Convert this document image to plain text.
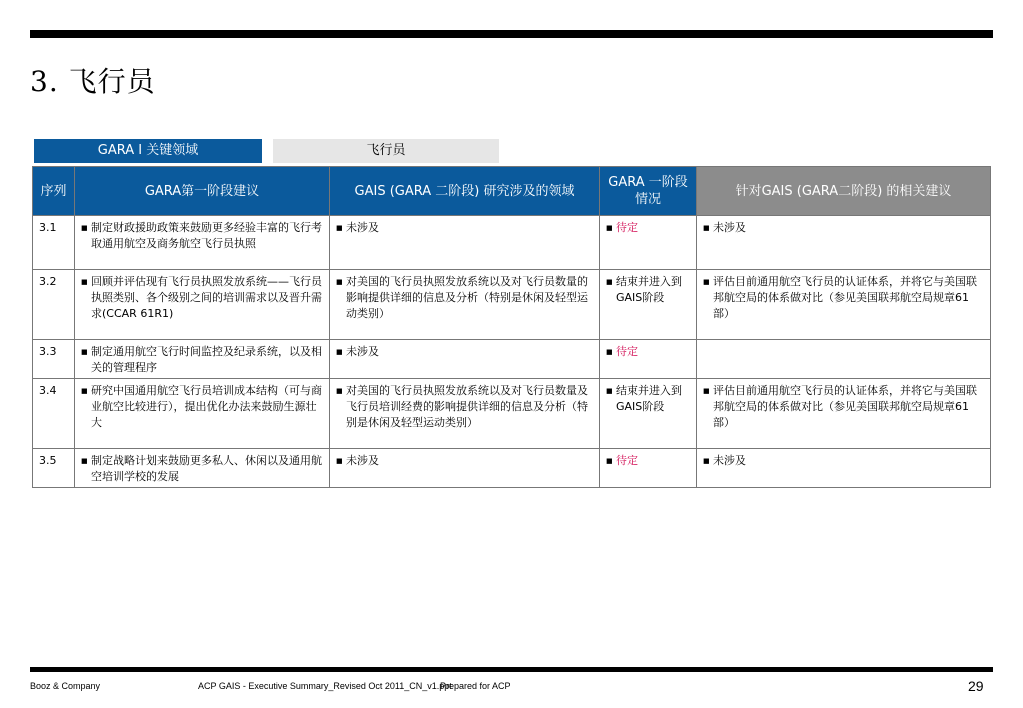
3. 飞行员
GARA I 关键领域	飞行员
序列	GARA第一阶段建议	GAIS (GARA 二阶段) 研究涉及的领域	GARA 一阶段情况	针对GAIS (GARA二阶段) 的相关建议
3.1	■ 制定财政援助政策来鼓励更多经验丰富的飞行考取通用航空及商务航空飞行员执照	■ 未涉及	■ 待定	■ 未涉及

3.2	■ 回顾并评估现有飞行员执照发放系统——飞行员执照类别、各个级别之间的培训需求以及晋升需求(CCAR 61R1)	■ 对美国的飞行员执照发放系统以及对飞行员数量的影响提供详细的信息及分析（特别是休闲及轻型运动类别）	■ 结束并进入到GAIS阶段	■ 评估目前通用航空飞行员的认证体系，并将它与美国联邦航空局的体系做对比（参见美国联邦航空局规章61部）

3.3	■ 制定通用航空飞行时间监控及纪录系统，以及相关的管理程序	■ 未涉及	■ 待定	

3.4	■ 研究中国通用航空飞行员培训成本结构（可与商业航空比较进行），提出优化办法来鼓励生源壮大	■ 对美国的飞行员执照发放系统以及对飞行员数量及飞行员培训经费的影响提供详细的信息及分析（特别是休闲及轻型运动类别）	■ 结束并进入到GAIS阶段	■ 评估目前通用航空飞行员的认证体系，并将它与美国联邦航空局的体系做对比（参见美国联邦航空局规章61部）

3.5	■ 制定战略计划来鼓励更多私人、休闲以及通用航空培训学校的发展	■ 未涉及	■ 待定	■ 未涉及
Booz & Company	ACP GAIS - Executive Summary_Revised Oct 2011_CN_v1.ppt
Prepared for ACP	29
